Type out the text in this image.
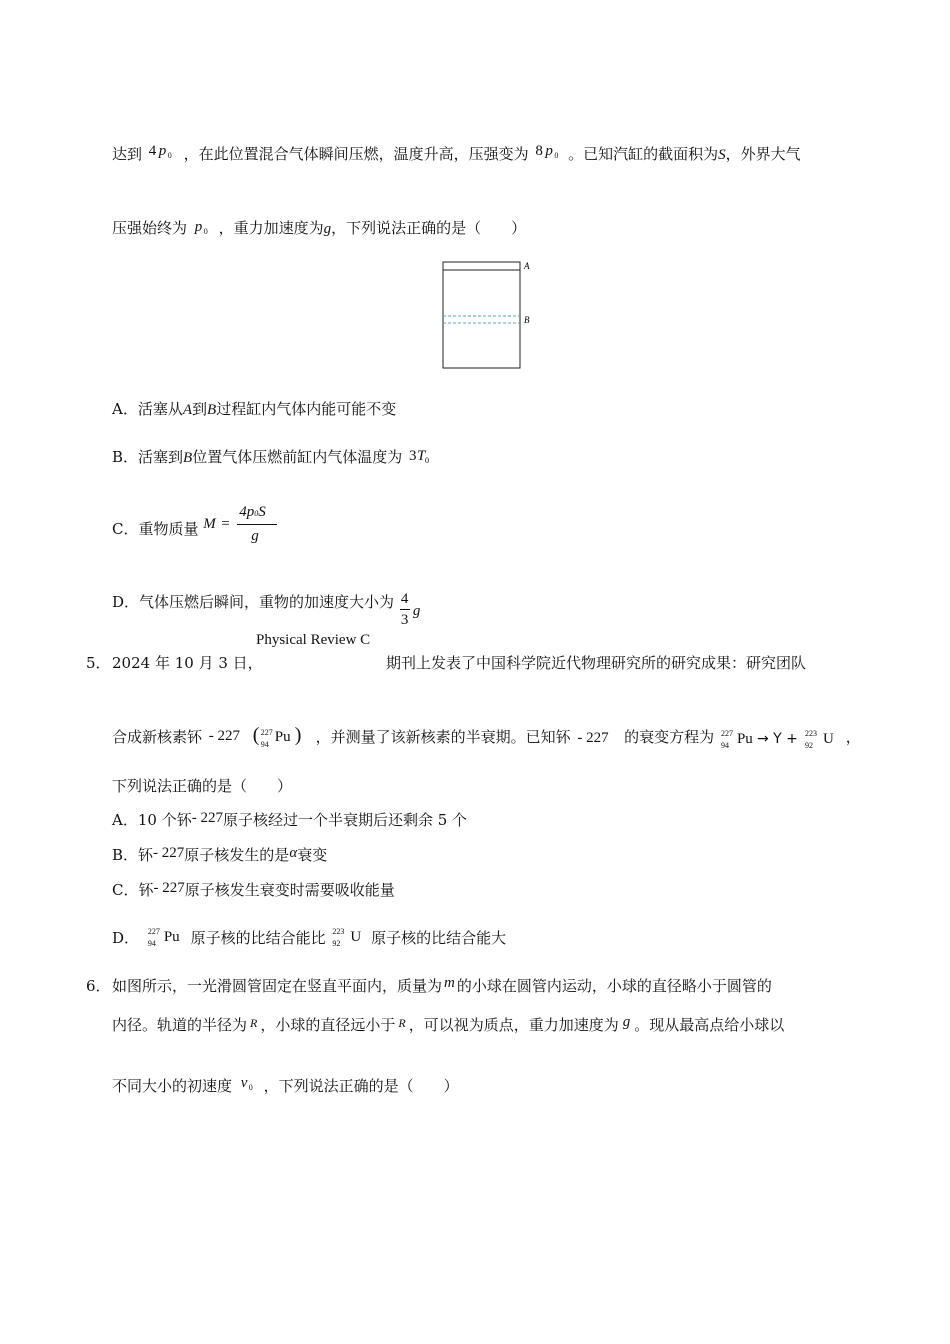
达到 4 p 0 ，在此位置混合气体瞬间压燃，温度升高，压强变为 8 p 0 。已知汽缸的截面积为S，外界大气
压强始终为 p 0 ，重力加速度为g，下列说法正确的是（　　）
A
B
A．活塞从A到B过程缸内气体内能可能不变
B．活塞到B位置气体压燃前缸内气体温度为 3 T 0
C．重物质量 M =
4p0S
g
D．气体压燃后瞬间，重物的加速度大小为 4
3
g
5． 2024 年 10 月 3 日，
Physical Review C
期刊上发表了中国科学院近代物理研究所的研究成果：研究团队
合成新核素钚 - 227 ( 227
94 Pu ) ，并测量了该新核素的半衰期。已知钚 - 227 的衰变方程为 227
94 Pu → Y + 223
92 U ，
下列说法正确的是（　　）
A．10 个钚- 227原子核经过一个半衰期后还剩余 5 个
B．钚- 227原子核发生的是α衰变
C．钚- 227原子核发生衰变时需要吸收能量
D． 227
94 Pu 原子核的比结合能比 223
92 U 原子核的比结合能大
6． 如图所示，一光滑圆管固定在竖直平面内，质量为 m 的小球在圆管内运动，小球的直径略小于圆管的
内径。轨道的半径为 $^R$ ，小球的直径远小于 $^R$ ，可以视为质点，重力加速度为 g 。现从最高点给小球以
不同大小的初速度 v 0 ，下列说法正确的是（　　）
